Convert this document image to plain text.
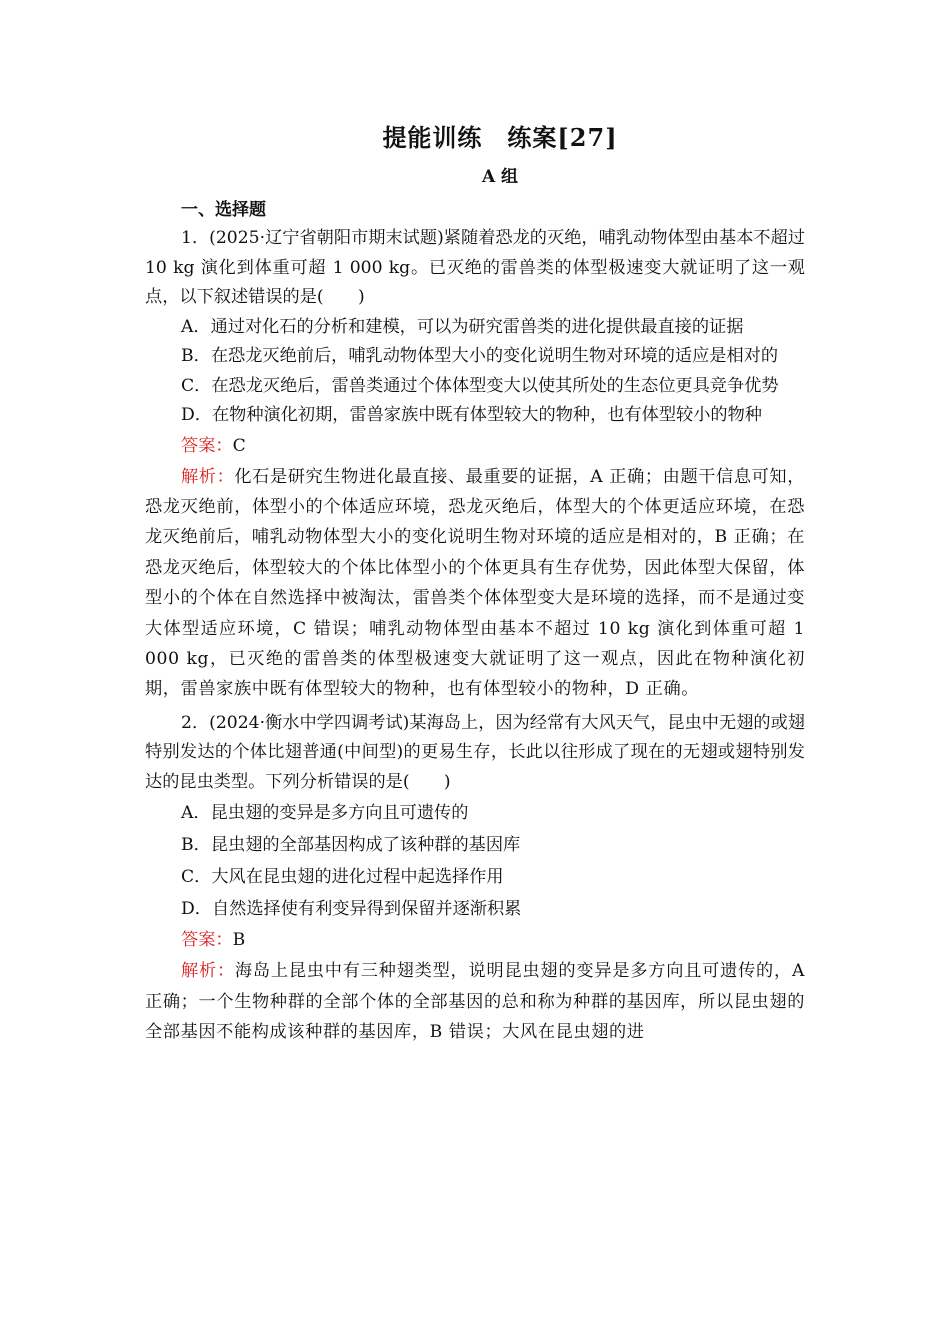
提能训练　练案[27]
A 组

一、选择题

1．(2025·辽宁省朝阳市期末试题)紧随着恐龙的灭绝，哺乳动物体型由基本不超过 10 kg 演化到体重可超 1 000 kg。已灭绝的雷兽类的体型极速变大就证明了这一观点，以下叙述错误的是(　　)

A．通过对化石的分析和建模，可以为研究雷兽类的进化提供最直接的证据

B．在恐龙灭绝前后，哺乳动物体型大小的变化说明生物对环境的适应是相对的

C．在恐龙灭绝后，雷兽类通过个体体型变大以使其所处的生态位更具竞争优势

D．在物种演化初期，雷兽家族中既有体型较大的物种，也有体型较小的物种

答案：C

解析：化石是研究生物进化最直接、最重要的证据，A 正确；由题干信息可知，恐龙灭绝前，体型小的个体适应环境，恐龙灭绝后，体型大的个体更适应环境，在恐龙灭绝前后，哺乳动物体型大小的变化说明生物对环境的适应是相对的，B 正确；在恐龙灭绝后，体型较大的个体比体型小的个体更具有生存优势，因此体型大保留，体型小的个体在自然选择中被淘汰，雷兽类个体体型变大是环境的选择，而不是通过变大体型适应环境，C 错误；哺乳动物体型由基本不超过 10 kg 演化到体重可超 1 000 kg，已灭绝的雷兽类的体型极速变大就证明了这一观点，因此在物种演化初期，雷兽家族中既有体型较大的物种，也有体型较小的物种，D 正确。

2．(2024·衡水中学四调考试)某海岛上，因为经常有大风天气，昆虫中无翅的或翅特别发达的个体比翅普通(中间型)的更易生存，长此以往形成了现在的无翅或翅特别发达的昆虫类型。下列分析错误的是(　　)

A．昆虫翅的变异是多方向且可遗传的

B．昆虫翅的全部基因构成了该种群的基因库

C．大风在昆虫翅的进化过程中起选择作用

D．自然选择使有利变异得到保留并逐渐积累

答案：B

解析：海岛上昆虫中有三种翅类型，说明昆虫翅的变异是多方向且可遗传的，A 正确；一个生物种群的全部个体的全部基因的总和称为种群的基因库，所以昆虫翅的全部基因不能构成该种群的基因库，B 错误；大风在昆虫翅的进
